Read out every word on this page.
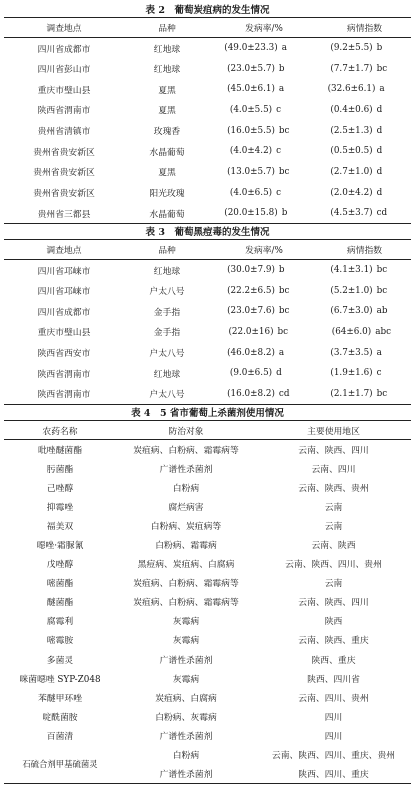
表 2　葡萄炭疽病的发生情况
调查地点	品种	发病率/%	病情指数
四川省成都市	红地球	(49.0±23.3) a	(9.2±5.5) b
四川省彭山市	红地球	(23.0±5.7) b	(7.7±1.7) bc
重庆市璧山县	夏黑	(45.0±6.1) a	(32.6±6.1) a
陕西省渭南市	夏黑	(4.0±5.5) c	(0.4±0.6) d
贵州省清镇市	玫瑰香	(16.0±5.5) bc	(2.5±1.3) d
贵州省贵安新区	水晶葡萄	(4.0±4.2) c	(0.5±0.5) d
贵州省贵安新区	夏黑	(13.0±5.7) bc	(2.7±1.0) d
贵州省贵安新区	阳光玫瑰	(4.0±6.5) c	(2.0±4.2) d
贵州省三都县	水晶葡萄	(20.0±15.8) b	(4.5±3.7) cd
表 3　葡萄黑痘毒的发生情况
调查地点	品种	发病率/%	病情指数
四川省邛崃市	红地球	(30.0±7.9) b	(4.1±3.1) bc
四川省邛崃市	户太八号	(22.2±6.5) bc	(5.2±1.0) bc
四川省成都市	金手指	(23.0±7.6) bc	(6.7±3.0) ab
重庆市璧山县	金手指	(22.0±16) bc	(64±6.0) abc
陕西省西安市	户太八号	(46.0±8.2) a	(3.7±3.5) a
陕西省渭南市	红地球	(9.0±6.5) d	(1.9±1.6) c
陕西省渭南市	户太八号	(16.0±8.2) cd	(2.1±1.7) bc
表 4　5 省市葡萄上杀菌剂使用情况
农药名称	防治对象	主要使用地区
吡唑醚菌酯	炭疽病、白粉病、霜霉病等	云南、陕西、四川
肟菌酯	广谱性杀菌剂	云南、四川
己唑醇	白粉病	云南、陕西、贵州
抑霉唑	腐烂病害	云南
福美双	白粉病、炭疽病等	云南
噁唑·霜脲氰	白粉病、霜霉病	云南、陕西
戊唑醇	黑痘病、炭疽病、白腐病	云南、陕西、四川、贵州
嘧菌酯	炭疽病、白粉病、霜霉病等	云南
醚菌酯	炭疽病、白粉病、霜霉病等	云南、陕西、四川
腐霉利	灰霉病	陕西
嘧霉胺	灰霉病	云南、陕西、重庆
多菌灵	广谱性杀菌剂	陕西、重庆
咪菌噁唑 SYP-Z048	灰霉病	陕西、四川省
苯醚甲环唑	炭疽病、白腐病	云南、四川、贵州
啶酰菌胺	白粉病、灰霉病	四川
百菌清	广谱性杀菌剂	四川
石硫合剂甲基硫菌灵	白粉病	云南、陕西、四川、重庆、贵州
	广谱性杀菌剂	陕西、四川、重庆
